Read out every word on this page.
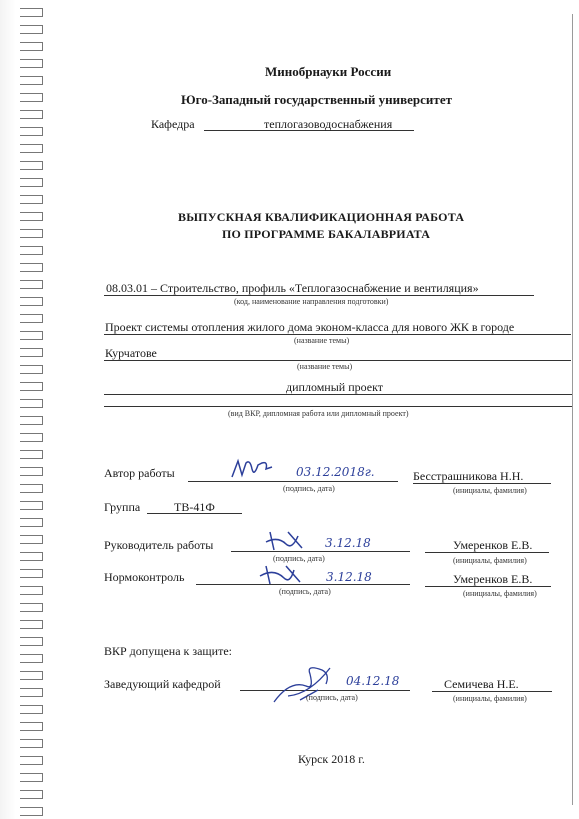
Минобрнауки России
Юго-Западный государственный университет
Кафедра	теплогазоводоснабжения
ВЫПУСКНАЯ КВАЛИФИКАЦИОННАЯ РАБОТА
ПО ПРОГРАММЕ БАКАЛАВРИАТА
08.03.01 – Строительство, профиль «Теплогазоснабжение и вентиляция»
(код, наименование направления подготовки)
Проект системы отопления жилого дома эконом-класса для нового ЖК в городе
(название темы)
Курчатове
(название темы)
дипломный проект
(вид ВКР, дипломная работа или дипломный проект)
Автор работы	03.12.2018г.
(подпись, дата)
Бесстрашникова Н.Н.
(инициалы, фамилия)
Группа	ТВ-41Ф
Руководитель работы	3.12.18
(подпись, дата)
Умеренков Е.В.
(инициалы, фамилия)
Нормоконтроль	3.12.18
(подпись, дата)
Умеренков Е.В.
(инициалы, фамилия)
ВКР допущена к защите:
Заведующий кафедрой	04.12.18
(подпись, дата)
Семичева Н.Е.
(инициалы, фамилия)
Курск 2018 г.
